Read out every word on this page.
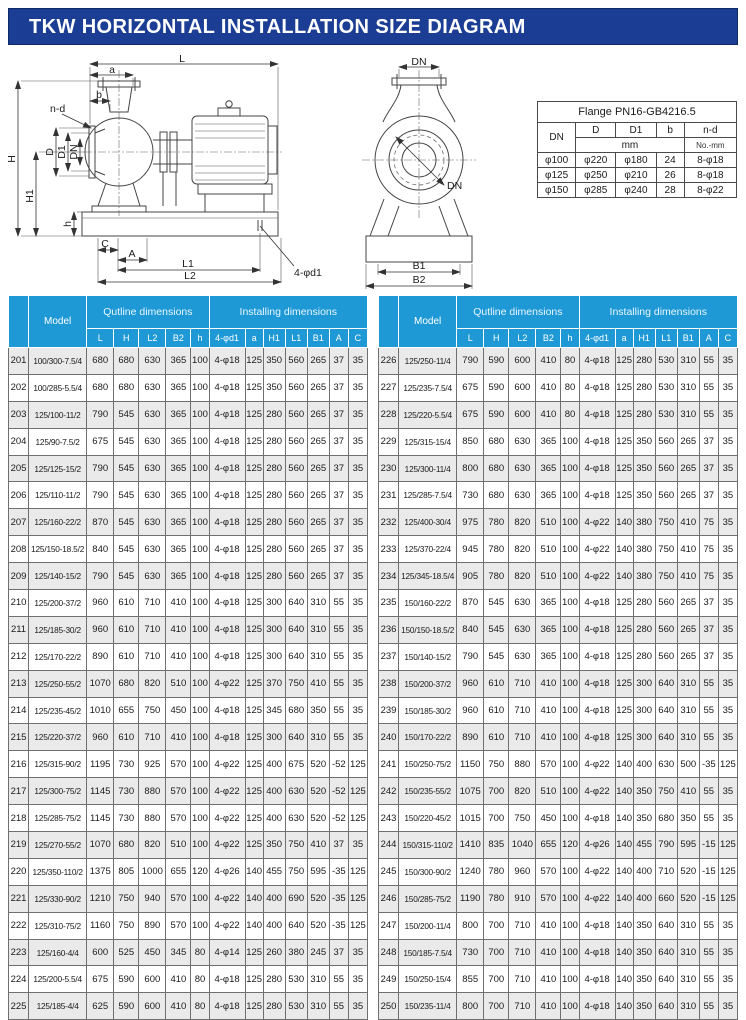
TKW HORIZONTAL INSTALLATION SIZE DIAGRAM
L
a
b
n-d
H
H1
D D1 DN
h
C
A
L1
L2	4-φd1
DN
DN
B1
B2
Flange PN16-GB4216.5				
DN	D	D1	b	n-d
	mm			No.-mm
φ100	φ220	φ180	24	8-φ18
φ125	φ250	φ210	26	8-φ18
φ150	φ285	φ240	28	8-φ22
	Model	Qutline dimensions					Installing dimensions						
		L	H	L2	B2	h	4-φd1	a	H1	L1	B1	A	C
201	100/300-7.5/4	680	680	630	365	100	4-φ18	125	350	560	265	37	35
202	100/285-5.5/4	680	680	630	365	100	4-φ18	125	350	560	265	37	35
203	125/100-11/2	790	545	630	365	100	4-φ18	125	280	560	265	37	35
204	125/90-7.5/2	675	545	630	365	100	4-φ18	125	280	560	265	37	35
205	125/125-15/2	790	545	630	365	100	4-φ18	125	280	560	265	37	35
206	125/110-11/2	790	545	630	365	100	4-φ18	125	280	560	265	37	35
207	125/160-22/2	870	545	630	365	100	4-φ18	125	280	560	265	37	35
208	125/150-18.5/2	840	545	630	365	100	4-φ18	125	280	560	265	37	35
209	125/140-15/2	790	545	630	365	100	4-φ18	125	280	560	265	37	35
210	125/200-37/2	960	610	710	410	100	4-φ18	125	300	640	310	55	35
211	125/185-30/2	960	610	710	410	100	4-φ18	125	300	640	310	55	35
212	125/170-22/2	890	610	710	410	100	4-φ18	125	300	640	310	55	35
213	125/250-55/2	1070	680	820	510	100	4-φ22	125	370	750	410	55	35
214	125/235-45/2	1010	655	750	450	100	4-φ18	125	345	680	350	55	35
215	125/220-37/2	960	610	710	410	100	4-φ18	125	300	640	310	55	35
216	125/315-90/2	1195	730	925	570	100	4-φ22	125	400	675	520	-52	125
217	125/300-75/2	1145	730	880	570	100	4-φ22	125	400	630	520	-52	125
218	125/285-75/2	1145	730	880	570	100	4-φ22	125	400	630	520	-52	125
219	125/270-55/2	1070	680	820	510	100	4-φ22	125	350	750	410	37	35
220	125/350-110/2	1375	805	1000	655	120	4-φ26	140	455	750	595	-35	125
221	125/330-90/2	1210	750	940	570	100	4-φ22	140	400	690	520	-35	125
222	125/310-75/2	1160	750	890	570	100	4-φ22	140	400	640	520	-35	125
223	125/160-4/4	600	525	450	345	80	4-φ14	125	260	380	245	37	35
224	125/200-5.5/4	675	590	600	410	80	4-φ18	125	280	530	310	55	35
225	125/185-4/4	625	590	600	410	80	4-φ18	125	280	530	310	55	35
	Model	Qutline dimensions					Installing dimensions						
		L	H	L2	B2	h	4-φd1	a	H1	L1	B1	A	C
226	125/250-11/4	790	590	600	410	80	4-φ18	125	280	530	310	55	35
227	125/235-7.5/4	675	590	600	410	80	4-φ18	125	280	530	310	55	35
228	125/220-5.5/4	675	590	600	410	80	4-φ18	125	280	530	310	55	35
229	125/315-15/4	850	680	630	365	100	4-φ18	125	350	560	265	37	35
230	125/300-11/4	800	680	630	365	100	4-φ18	125	350	560	265	37	35
231	125/285-7.5/4	730	680	630	365	100	4-φ18	125	350	560	265	37	35
232	125/400-30/4	975	780	820	510	100	4-φ22	140	380	750	410	75	35
233	125/370-22/4	945	780	820	510	100	4-φ22	140	380	750	410	75	35
234	125/345-18.5/4	905	780	820	510	100	4-φ22	140	380	750	410	75	35
235	150/160-22/2	870	545	630	365	100	4-φ18	125	280	560	265	37	35
236	150/150-18.5/2	840	545	630	365	100	4-φ18	125	280	560	265	37	35
237	150/140-15/2	790	545	630	365	100	4-φ18	125	280	560	265	37	35
238	150/200-37/2	960	610	710	410	100	4-φ18	125	300	640	310	55	35
239	150/185-30/2	960	610	710	410	100	4-φ18	125	300	640	310	55	35
240	150/170-22/2	890	610	710	410	100	4-φ18	125	300	640	310	55	35
241	150/250-75/2	1150	750	880	570	100	4-φ22	140	400	630	500	-35	125
242	150/235-55/2	1075	700	820	510	100	4-φ22	140	350	750	410	55	35
243	150/220-45/2	1015	700	750	450	100	4-φ18	140	350	680	350	55	35
244	150/315-110/2	1410	835	1040	655	120	4-φ26	140	455	790	595	-15	125
245	150/300-90/2	1240	780	960	570	100	4-φ22	140	400	710	520	-15	125
246	150/285-75/2	1190	780	910	570	100	4-φ22	140	400	660	520	-15	125
247	150/200-11/4	800	700	710	410	100	4-φ18	140	350	640	310	55	35
248	150/185-7.5/4	730	700	710	410	100	4-φ18	140	350	640	310	55	35
249	150/250-15/4	855	700	710	410	100	4-φ18	140	350	640	310	55	35
250	150/235-11/4	800	700	710	410	100	4-φ18	140	350	640	310	55	35
